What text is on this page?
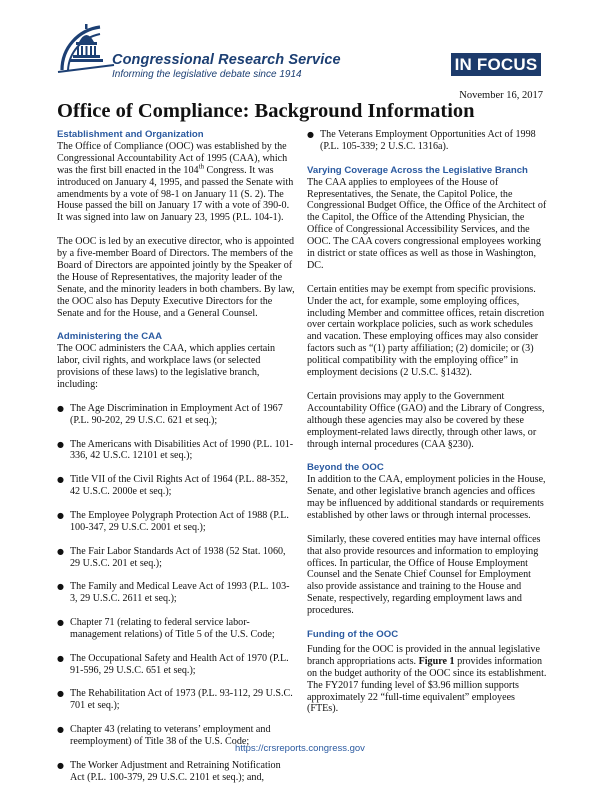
Congressional Research Service
Informing the legislative debate since 1914
IN FOCUS
November 16, 2017
Office of Compliance: Background Information
Establishment and Organization

The Office of Compliance (OOC) was established by the Congressional Accountability Act of 1995 (CAA), which was the first bill enacted in the 104th Congress. It was introduced on January 4, 1995, and passed the Senate with amendments by a vote of 98-1 on January 11 (S. 2). The House passed the bill on January 17 with a vote of 390-0. It was signed into law on January 23, 1995 (P.L. 104-1).

The OOC is led by an executive director, who is appointed by a five-member Board of Directors. The members of the Board of Directors are appointed jointly by the Speaker of the House of Representatives, the majority leader of the Senate, and the minority leaders in both chambers. By law, the OOC also has Deputy Executive Directors for the Senate and for the House, and a General Counsel.

Administering the CAA

The OOC administers the CAA, which applies certain labor, civil rights, and workplace laws (or selected provisions of these laws) to the legislative branch, including:

● The Age Discrimination in Employment Act of 1967 (P.L. 90-202, 29 U.S.C. 621 et seq.);
● The Americans with Disabilities Act of 1990 (P.L. 101-336, 42 U.S.C. 12101 et seq.);
● Title VII of the Civil Rights Act of 1964 (P.L. 88-352, 42 U.S.C. 2000e et seq.);
● The Employee Polygraph Protection Act of 1988 (P.L. 100-347, 29 U.S.C. 2001 et seq.);
● The Fair Labor Standards Act of 1938 (52 Stat. 1060, 29 U.S.C. 201 et seq.);
● The Family and Medical Leave Act of 1993 (P.L. 103-3, 29 U.S.C. 2611 et seq.);
● Chapter 71 (relating to federal service labor-management relations) of Title 5 of the U.S. Code;
● The Occupational Safety and Health Act of 1970 (P.L. 91-596, 29 U.S.C. 651 et seq.);
● The Rehabilitation Act of 1973 (P.L. 93-112, 29 U.S.C. 701 et seq.);
● Chapter 43 (relating to veterans’ employment and reemployment) of Title 38 of the U.S. Code;
● The Worker Adjustment and Retraining Notification Act (P.L. 100-379, 29 U.S.C. 2101 et seq.); and,
● The Veterans Employment Opportunities Act of 1998 (P.L. 105-339; 2 U.S.C. 1316a).
Varying Coverage Across the Legislative Branch

The CAA applies to employees of the House of Representatives, the Senate, the Capitol Police, the Congressional Budget Office, the Office of the Architect of the Capitol, the Office of the Attending Physician, the Office of Congressional Accessibility Services, and the OOC. The CAA covers congressional employees working in district or state offices as well as those in Washington, DC.

Certain entities may be exempt from specific provisions. Under the act, for example, some employing offices, including Member and committee offices, retain discretion over certain workplace policies, such as work schedules and vacation. These employing offices may also consider factors such as “(1) party affiliation; (2) domicile; or (3) political compatibility with the employing office” in employment decisions (2 U.S.C. §1432).

Certain provisions may apply to the Government Accountability Office (GAO) and the Library of Congress, although these agencies may also be covered by these employment-related laws directly, through other laws, or through internal procedures (CAA §230).

Beyond the OOC

In addition to the CAA, employment policies in the House, Senate, and other legislative branch agencies and offices may be influenced by additional standards or requirements established by other laws or through internal processes.

Similarly, these covered entities may have internal offices that also provide resources and information to employing offices. In particular, the Office of House Employment Counsel and the Senate Chief Counsel for Employment also provide assistance and training to the House and Senate, respectively, regarding employment laws and procedures.

Funding of the OOC

Funding for the OOC is provided in the annual legislative branch appropriations acts. Figure 1 provides information on the budget authority of the OOC since its establishment. The FY2017 funding level of $3.96 million supports approximately 22 “full-time equivalent” employees (FTEs).

https://crsreports.congress.gov
